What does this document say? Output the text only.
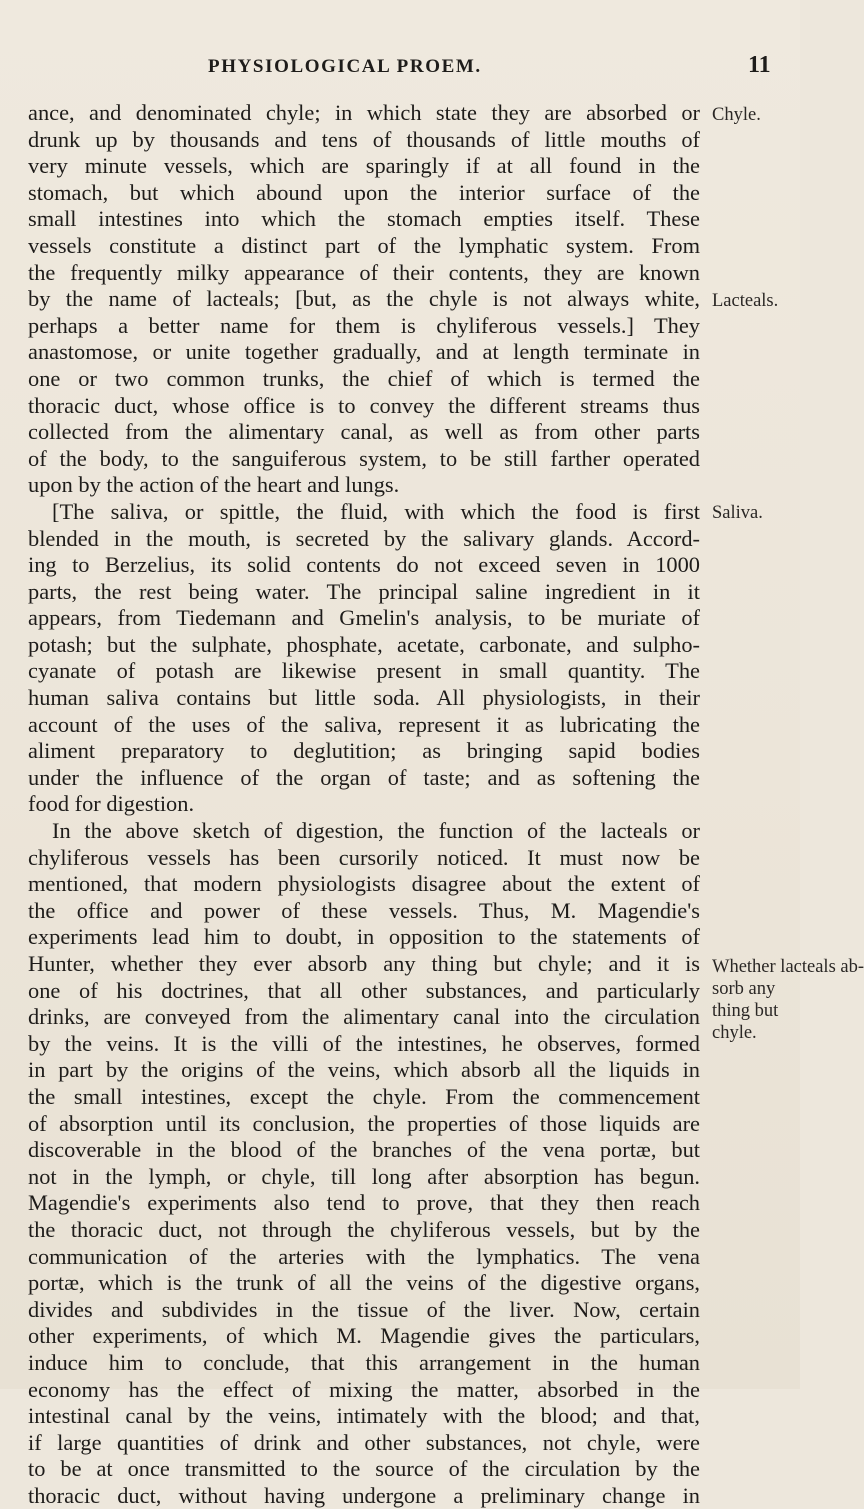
PHYSIOLOGICAL PROEM.	11
Chyle.
Lacteals.
Saliva.
Whether lacteals ab-
sorb any
thing but
chyle.
ance, and denominated chyle; in which state they are absorbed or
drunk up by thousands and tens of thousands of little mouths of
very minute vessels, which are sparingly if at all found in the
stomach, but which abound upon the interior surface of the
small intestines into which the stomach empties itself. These
vessels constitute a distinct part of the lymphatic system. From
the frequently milky appearance of their contents, they are known
by the name of lacteals; [but, as the chyle is not always white,
perhaps a better name for them is chyliferous vessels.] They
anastomose, or unite together gradually, and at length terminate in
one or two common trunks, the chief of which is termed the
thoracic duct, whose office is to convey the different streams thus
collected from the alimentary canal, as well as from other parts
of the body, to the sanguiferous system, to be still farther operated
upon by the action of the heart and lungs.
[The saliva, or spittle, the fluid, with which the food is first
blended in the mouth, is secreted by the salivary glands. Accord-
ing to Berzelius, its solid contents do not exceed seven in 1000
parts, the rest being water. The principal saline ingredient in it
appears, from Tiedemann and Gmelin's analysis, to be muriate of
potash; but the sulphate, phosphate, acetate, carbonate, and sulpho-
cyanate of potash are likewise present in small quantity. The
human saliva contains but little soda. All physiologists, in their
account of the uses of the saliva, represent it as lubricating the
aliment preparatory to deglutition; as bringing sapid bodies
under the influence of the organ of taste; and as softening the
food for digestion.
In the above sketch of digestion, the function of the lacteals or
chyliferous vessels has been cursorily noticed. It must now be
mentioned, that modern physiologists disagree about the extent of
the office and power of these vessels. Thus, M. Magendie's
experiments lead him to doubt, in opposition to the statements of
Hunter, whether they ever absorb any thing but chyle; and it is
one of his doctrines, that all other substances, and particularly
drinks, are conveyed from the alimentary canal into the circulation
by the veins. It is the villi of the intestines, he observes, formed
in part by the origins of the veins, which absorb all the liquids in
the small intestines, except the chyle. From the commencement
of absorption until its conclusion, the properties of those liquids are
discoverable in the blood of the branches of the vena portæ, but
not in the lymph, or chyle, till long after absorption has begun.
Magendie's experiments also tend to prove, that they then reach
the thoracic duct, not through the chyliferous vessels, but by the
communication of the arteries with the lymphatics. The vena
portæ, which is the trunk of all the veins of the digestive organs,
divides and subdivides in the tissue of the liver. Now, certain
other experiments, of which M. Magendie gives the particulars,
induce him to conclude, that this arrangement in the human
economy has the effect of mixing the matter, absorbed in the
intestinal canal by the veins, intimately with the blood; and that,
if large quantities of drink and other substances, not chyle, were
to be at once transmitted to the source of the circulation by the
thoracic duct, without having undergone a preliminary change in
